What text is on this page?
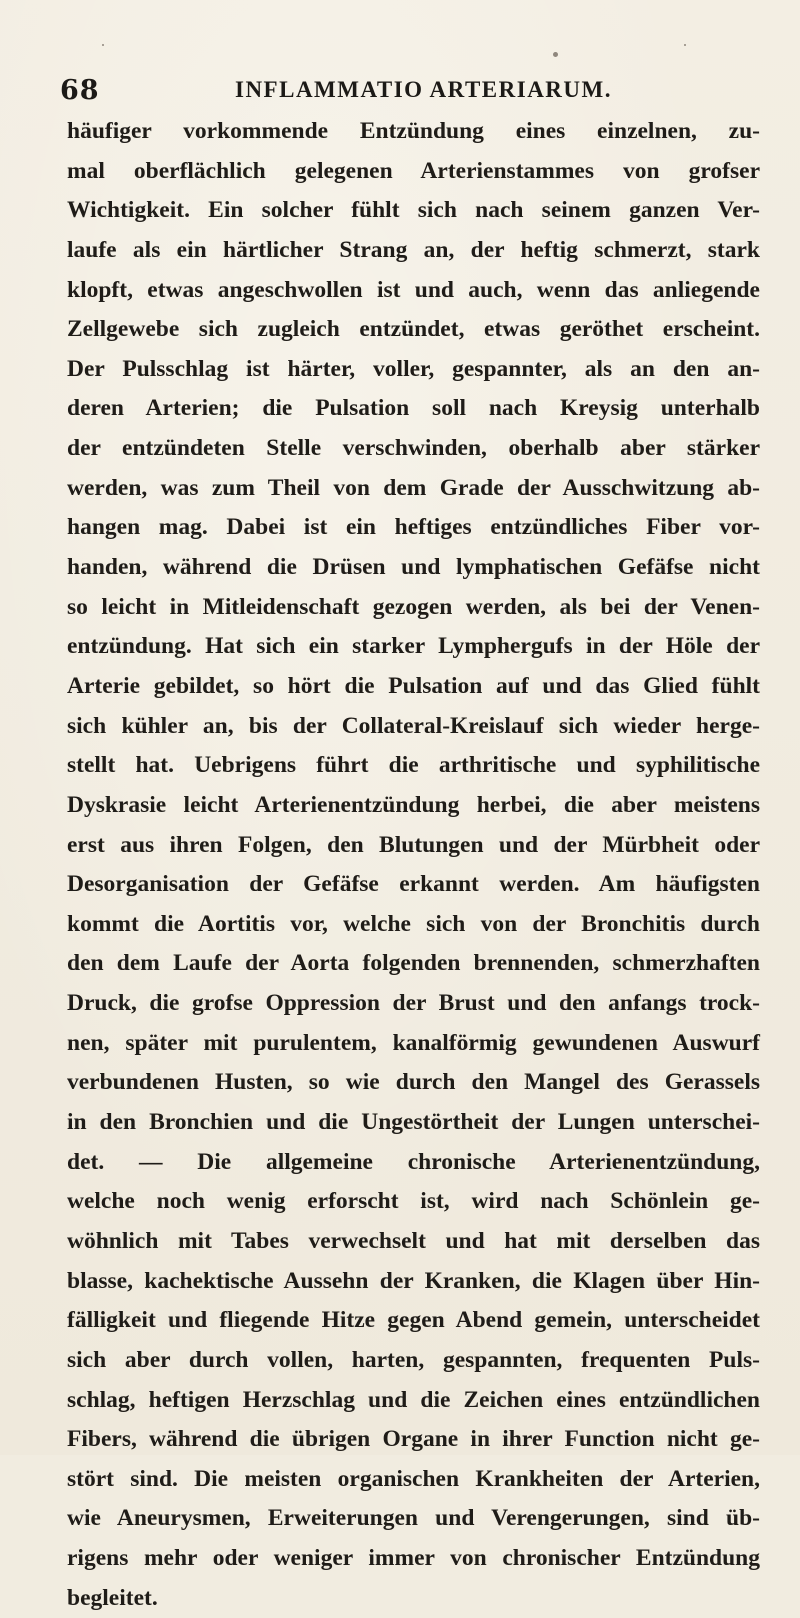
68	INFLAMMATIO ARTERIARUM.
häufiger vorkommende Entzündung eines einzelnen, zu-
mal oberflächlich gelegenen Arterienstammes von grofser
Wichtigkeit. Ein solcher fühlt sich nach seinem ganzen Ver-
laufe als ein härtlicher Strang an, der heftig schmerzt, stark
klopft, etwas angeschwollen ist und auch, wenn das anliegende
Zellgewebe sich zugleich entzündet, etwas geröthet erscheint.
Der Pulsschlag ist härter, voller, gespannter, als an den an-
deren Arterien; die Pulsation soll nach Kreysig unterhalb
der entzündeten Stelle verschwinden, oberhalb aber stärker
werden, was zum Theil von dem Grade der Ausschwitzung ab-
hangen mag. Dabei ist ein heftiges entzündliches Fiber vor-
handen, während die Drüsen und lymphatischen Gefäfse nicht
so leicht in Mitleidenschaft gezogen werden, als bei der Venen-
entzündung. Hat sich ein starker Lymphergufs in der Höle der
Arterie gebildet, so hört die Pulsation auf und das Glied fühlt
sich kühler an, bis der Collateral-Kreislauf sich wieder herge-
stellt hat. Uebrigens führt die arthritische und syphilitische
Dyskrasie leicht Arterienentzündung herbei, die aber meistens
erst aus ihren Folgen, den Blutungen und der Mürbheit oder
Desorganisation der Gefäfse erkannt werden. Am häufigsten
kommt die Aortitis vor, welche sich von der Bronchitis durch
den dem Laufe der Aorta folgenden brennenden, schmerzhaften
Druck, die grofse Oppression der Brust und den anfangs trock-
nen, später mit purulentem, kanalförmig gewundenen Auswurf
verbundenen Husten, so wie durch den Mangel des Gerassels
in den Bronchien und die Ungestörtheit der Lungen unterschei-
det. — Die allgemeine chronische Arterienentzündung,
welche noch wenig erforscht ist, wird nach Schönlein ge-
wöhnlich mit Tabes verwechselt und hat mit derselben das
blasse, kachektische Aussehn der Kranken, die Klagen über Hin-
fälligkeit und fliegende Hitze gegen Abend gemein, unterscheidet
sich aber durch vollen, harten, gespannten, frequenten Puls-
schlag, heftigen Herzschlag und die Zeichen eines entzündlichen
Fibers, während die übrigen Organe in ihrer Function nicht ge-
stört sind. Die meisten organischen Krankheiten der Arterien,
wie Aneurysmen, Erweiterungen und Verengerungen, sind üb-
rigens mehr oder weniger immer von chronischer Entzündung
begleitet.
